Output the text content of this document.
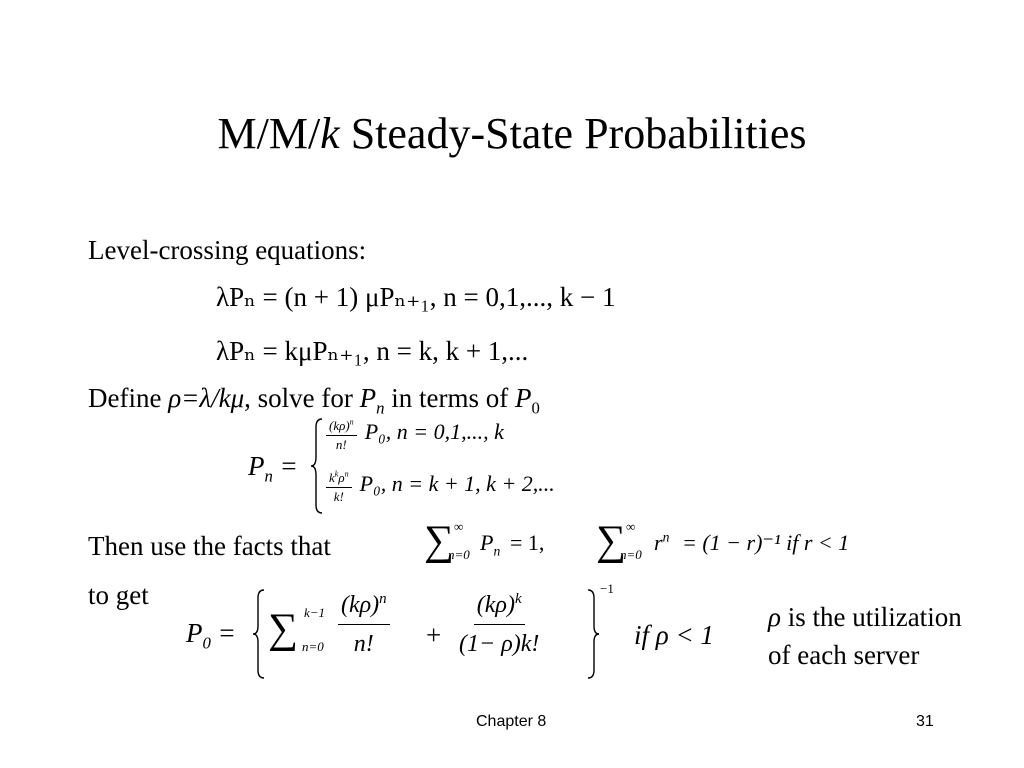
M/M/k Steady-State Probabilities
Level-crossing equations:
λPₙ = (n + 1) μPₙ₊₁, n = 0,1,..., k − 1
λPₙ = kμPₙ₊₁, n = k, k + 1,...
Define ρ=λ/kμ, solve for $P_n$ in terms of $P_0$
$P_n$ =
$\frac{(k\rho)^n}{n!} P_0$, n = 0,1,..., k
$\frac{k^k\rho^n}{k!} P_0$, n = k + 1, k + 2,...
Then use the facts that ∑ ∞
n=0 $P_n = 1$, ∑ ∞
n=0 $r^n = (1 - r)^{-1}$ if r < 1
to get
$P_0$ = ∑ k−1
$n=0 \frac{(k\rho)^n}{n!} + \frac{(k\rho)^k}{(1- \rho)k!}$	−1
if ρ < 1
ρ is the utilization
of each server
Chapter 8	31
